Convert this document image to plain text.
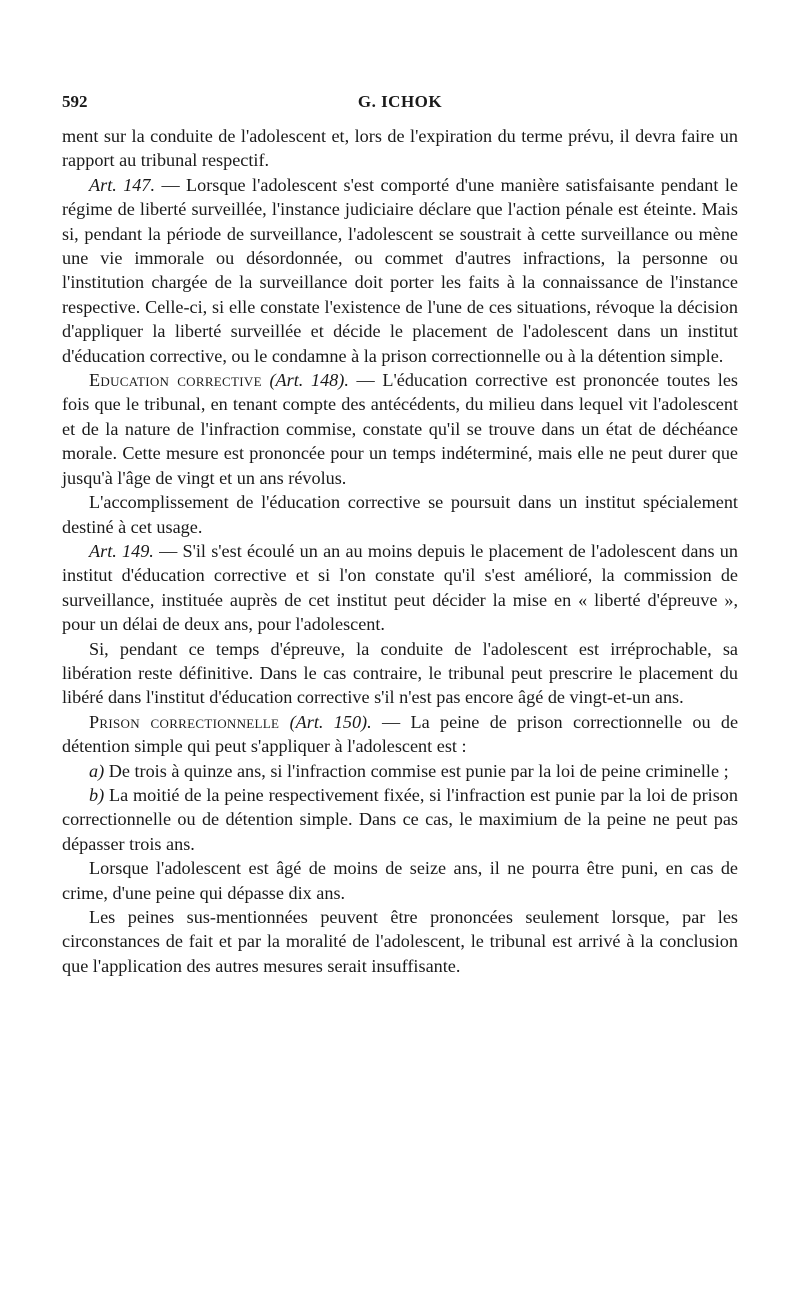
592	G. ICHOK

ment sur la conduite de l'adolescent et, lors de l'expiration du terme prévu, il devra faire un rapport au tribunal respectif.

Art. 147. — Lorsque l'adolescent s'est comporté d'une manière satisfaisante pendant le régime de liberté surveillée, l'instance judiciaire déclare que l'action pénale est éteinte. Mais si, pendant la période de surveillance, l'adolescent se soustrait à cette surveillance ou mène une vie immorale ou désordonnée, ou commet d'autres infractions, la personne ou l'institution chargée de la surveillance doit porter les faits à la connaissance de l'instance respective. Celle-ci, si elle constate l'existence de l'une de ces situations, révoque la décision d'appliquer la liberté surveillée et décide le placement de l'adolescent dans un institut d'éducation corrective, ou le condamne à la prison correctionnelle ou à la détention simple.

Education corrective (Art. 148). — L'éducation corrective est prononcée toutes les fois que le tribunal, en tenant compte des antécédents, du milieu dans lequel vit l'adolescent et de la nature de l'infraction commise, constate qu'il se trouve dans un état de déchéance morale. Cette mesure est prononcée pour un temps indéterminé, mais elle ne peut durer que jusqu'à l'âge de vingt et un ans révolus.

L'accomplissement de l'éducation corrective se poursuit dans un institut spécialement destiné à cet usage.

Art. 149. — S'il s'est écoulé un an au moins depuis le placement de l'adolescent dans un institut d'éducation corrective et si l'on constate qu'il s'est amélioré, la commission de surveillance, instituée auprès de cet institut peut décider la mise en « liberté d'épreuve », pour un délai de deux ans, pour l'adolescent.

Si, pendant ce temps d'épreuve, la conduite de l'adolescent est irréprochable, sa libération reste définitive. Dans le cas contraire, le tribunal peut prescrire le placement du libéré dans l'institut d'éducation corrective s'il n'est pas encore âgé de vingt-et-un ans.

Prison correctionnelle (Art. 150). — La peine de prison correctionnelle ou de détention simple qui peut s'appliquer à l'adolescent est :

a) De trois à quinze ans, si l'infraction commise est punie par la loi de peine criminelle ;

b) La moitié de la peine respectivement fixée, si l'infraction est punie par la loi de prison correctionnelle ou de détention simple. Dans ce cas, le maximium de la peine ne peut pas dépasser trois ans.

Lorsque l'adolescent est âgé de moins de seize ans, il ne pourra être puni, en cas de crime, d'une peine qui dépasse dix ans.

Les peines sus-mentionnées peuvent être prononcées seulement lorsque, par les circonstances de fait et par la moralité de l'adolescent, le tribunal est arrivé à la conclusion que l'application des autres mesures serait insuffisante.
